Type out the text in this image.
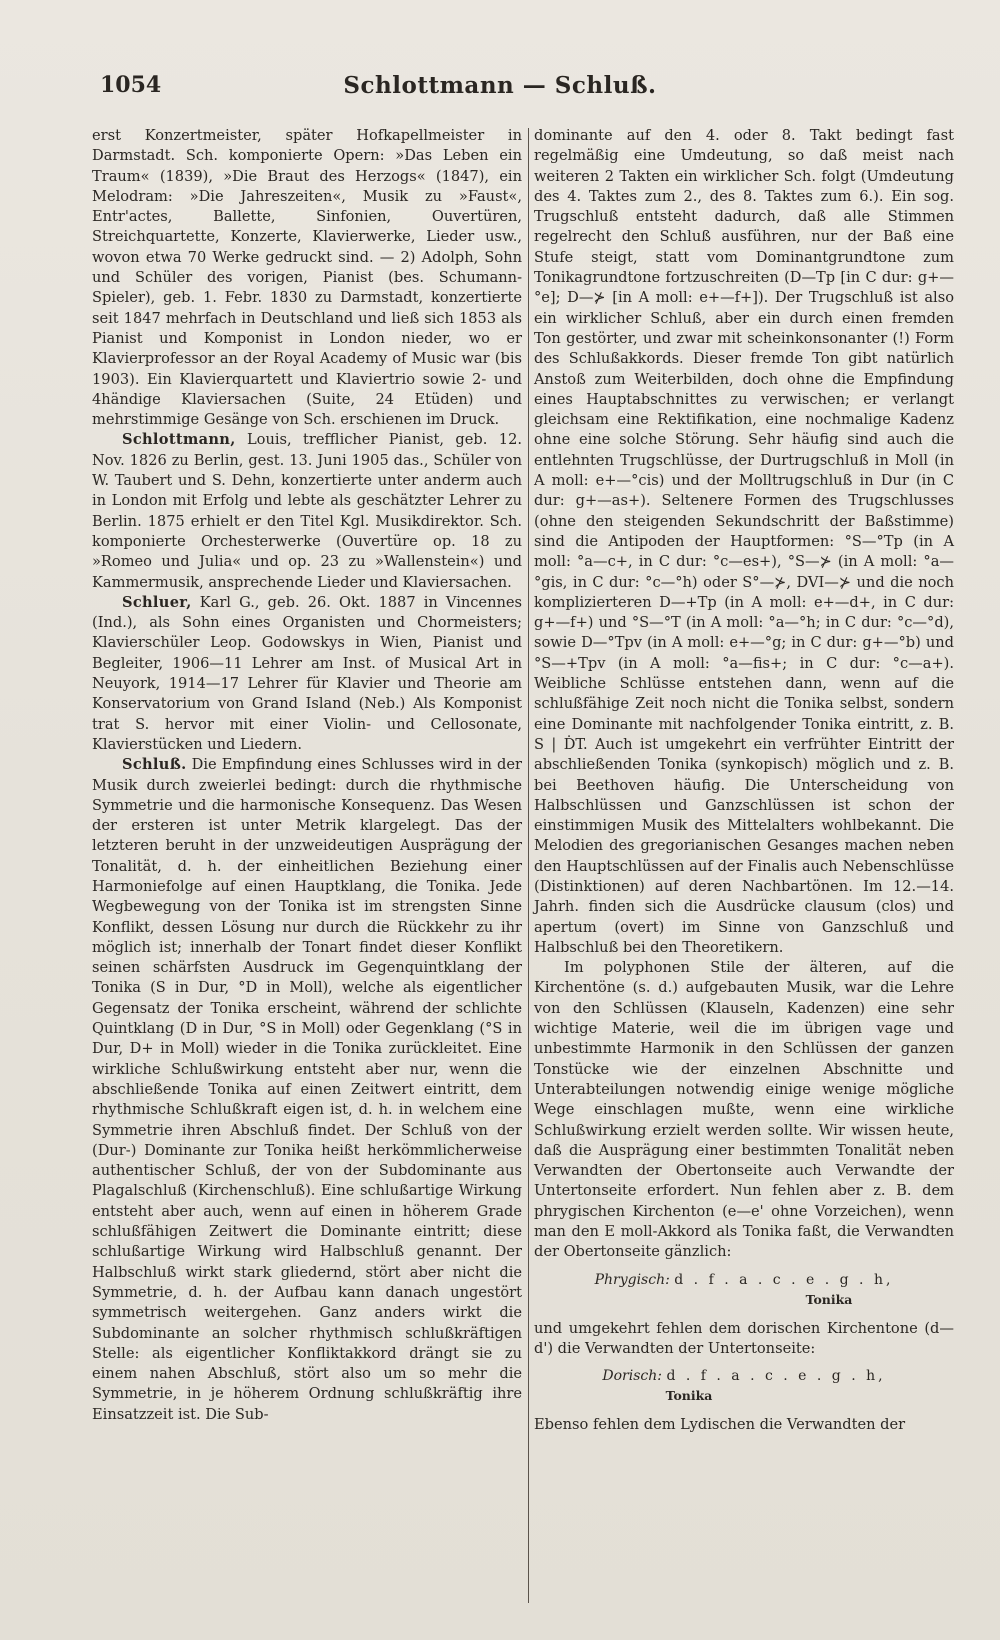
1054	Schlottmann — Schluß.

erst Konzertmeister, später Hofkapellmeister in Darmstadt. Sch. komponierte Opern: »Das Leben ein Traum« (1839), »Die Braut des Herzogs« (1847), ein Melodram: »Die Jahreszeiten«, Musik zu »Faust«, Entr'actes, Ballette, Sinfonien, Ouvertüren, Streichquartette, Konzerte, Klavierwerke, Lieder usw., wovon etwa 70 Werke gedruckt sind. — 2) Adolph, Sohn und Schüler des vorigen, Pianist (bes. Schumann-Spieler), geb. 1. Febr. 1830 zu Darmstadt, konzertierte seit 1847 mehrfach in Deutschland und ließ sich 1853 als Pianist und Komponist in London nieder, wo er Klavierprofessor an der Royal Academy of Music war (bis 1903). Ein Klavierquartett und Klaviertrio sowie 2- und 4händige Klaviersachen (Suite, 24 Etüden) und mehrstimmige Gesänge von Sch. erschienen im Druck.

Schlottmann, Louis, trefflicher Pianist, geb. 12. Nov. 1826 zu Berlin, gest. 13. Juni 1905 das., Schüler von W. Taubert und S. Dehn, konzertierte unter anderm auch in London mit Erfolg und lebte als geschätzter Lehrer zu Berlin. 1875 erhielt er den Titel Kgl. Musikdirektor. Sch. komponierte Orchesterwerke (Ouvertüre op. 18 zu »Romeo und Julia« und op. 23 zu »Wallenstein«) und Kammermusik, ansprechende Lieder und Klaviersachen.

Schluer, Karl G., geb. 26. Okt. 1887 in Vincennes (Ind.), als Sohn eines Organisten und Chormeisters; Klavierschüler Leop. Godowskys in Wien, Pianist und Begleiter, 1906—11 Lehrer am Inst. of Musical Art in Neuyork, 1914—17 Lehrer für Klavier und Theorie am Konservatorium von Grand Island (Neb.) Als Komponist trat S. hervor mit einer Violin- und Cellosonate, Klavierstücken und Liedern.

Schluß. Die Empfindung eines Schlusses wird in der Musik durch zweierlei bedingt: durch die rhythmische Symmetrie und die harmonische Konsequenz. Das Wesen der ersteren ist unter Metrik klargelegt. Das der letzteren beruht in der unzweideutigen Ausprägung der Tonalität, d. h. der einheitlichen Beziehung einer Harmoniefolge auf einen Hauptklang, die Tonika. Jede Wegbewegung von der Tonika ist im strengsten Sinne Konflikt, dessen Lösung nur durch die Rückkehr zu ihr möglich ist; innerhalb der Tonart findet dieser Konflikt seinen schärfsten Ausdruck im Gegenquintklang der Tonika (S in Dur, °D in Moll), welche als eigentlicher Gegensatz der Tonika erscheint, während der schlichte Quintklang (D in Dur, °S in Moll) oder Gegenklang (°S in Dur, D+ in Moll) wieder in die Tonika zurückleitet. Eine wirkliche Schlußwirkung entsteht aber nur, wenn die abschließende Tonika auf einen Zeitwert eintritt, dem rhythmische Schlußkraft eigen ist, d. h. in welchem eine Symmetrie ihren Abschluß findet. Der Schluß von der (Dur-) Dominante zur Tonika heißt herkömmlicherweise authentischer Schluß, der von der Subdominante aus Plagalschluß (Kirchenschluß). Eine schlußartige Wirkung entsteht aber auch, wenn auf einen in höherem Grade schlußfähigen Zeitwert die Dominante eintritt; diese schlußartige Wirkung wird Halbschluß genannt. Der Halbschluß wirkt stark gliedernd, stört aber nicht die Symmetrie, d. h. der Aufbau kann danach ungestört symmetrisch weitergehen. Ganz anders wirkt die Subdominante an solcher rhythmisch schlußkräftigen Stelle: als eigentlicher Konfliktakkord drängt sie zu einem nahen Abschluß, stört also um so mehr die Symmetrie, in je höherem Ordnung schlußkräftig ihre Einsatzzeit ist. Die Sub-

dominante auf den 4. oder 8. Takt bedingt fast regelmäßig eine Umdeutung, so daß meist nach weiteren 2 Takten ein wirklicher Sch. folgt (Umdeutung des 4. Taktes zum 2., des 8. Taktes zum 6.). Ein sog. Trugschluß entsteht dadurch, daß alle Stimmen regelrecht den Schluß ausführen, nur der Baß eine Stufe steigt, statt vom Dominantgrundtone zum Tonikagrundtone fortzuschreiten (D—Tp [in C dur: g+—°e]; D—⊁ [in A moll: e+—f+]). Der Trugschluß ist also ein wirklicher Schluß, aber ein durch einen fremden Ton gestörter, und zwar mit scheinkonsonanter (!) Form des Schlußakkords. Dieser fremde Ton gibt natürlich Anstoß zum Weiterbilden, doch ohne die Empfindung eines Hauptabschnittes zu verwischen; er verlangt gleichsam eine Rektifikation, eine nochmalige Kadenz ohne eine solche Störung. Sehr häufig sind auch die entlehnten Trugschlüsse, der Durtrugschluß in Moll (in A moll: e+—°cis) und der Molltrugschluß in Dur (in C dur: g+—as+). Seltenere Formen des Trugschlusses (ohne den steigenden Sekundschritt der Baßstimme) sind die Antipoden der Hauptformen: °S—°Tp (in A moll: °a—c+, in C dur: °c—es+), °S—⊁ (in A moll: °a—°gis, in C dur: °c—°h) oder S°—⊁, DVI—⊁ und die noch komplizierteren D—+Tp (in A moll: e+—d+, in C dur: g+—f+) und °S—°T (in A moll: °a—°h; in C dur: °c—°d), sowie D—°Tpv (in A moll: e+—°g; in C dur: g+—°b) und °S—+Tpv (in A moll: °a—fis+; in C dur: °c—a+). Weibliche Schlüsse entstehen dann, wenn auf die schlußfähige Zeit noch nicht die Tonika selbst, sondern eine Dominante mit nachfolgender Tonika eintritt, z. B. S | ḊT. Auch ist umgekehrt ein verfrühter Eintritt der abschließenden Tonika (synkopisch) möglich und z. B. bei Beethoven häufig. Die Unterscheidung von Halbschlüssen und Ganzschlüssen ist schon der einstimmigen Musik des Mittelalters wohlbekannt. Die Melodien des gregorianischen Gesanges machen neben den Hauptschlüssen auf der Finalis auch Nebenschlüsse (Distinktionen) auf deren Nachbartönen. Im 12.—14. Jahrh. finden sich die Ausdrücke clausum (clos) und apertum (overt) im Sinne von Ganzschluß und Halbschluß bei den Theoretikern.

Im polyphonen Stile der älteren, auf die Kirchentöne (s. d.) aufgebauten Musik, war die Lehre von den Schlüssen (Klauseln, Kadenzen) eine sehr wichtige Materie, weil die im übrigen vage und unbestimmte Harmonik in den Schlüssen der ganzen Tonstücke wie der einzelnen Abschnitte und Unterabteilungen notwendig einige wenige mögliche Wege einschlagen mußte, wenn eine wirkliche Schlußwirkung erzielt werden sollte. Wir wissen heute, daß die Ausprägung einer bestimmten Tonalität neben Verwandten der Obertonseite auch Verwandte der Untertonseite erfordert. Nun fehlen aber z. B. dem phrygischen Kirchenton (e—e' ohne Vorzeichen), wenn man den E moll-Akkord als Tonika faßt, die Verwandten der Obertonseite gänzlich:

Phrygisch: d . f . a . c . e . g . h,
Tonika

und umgekehrt fehlen dem dorischen Kirchentone (d—d') die Verwandten der Untertonseite:

Dorisch: d . f . a . c . e . g . h,
Tonika

Ebenso fehlen dem Lydischen die Verwandten der
